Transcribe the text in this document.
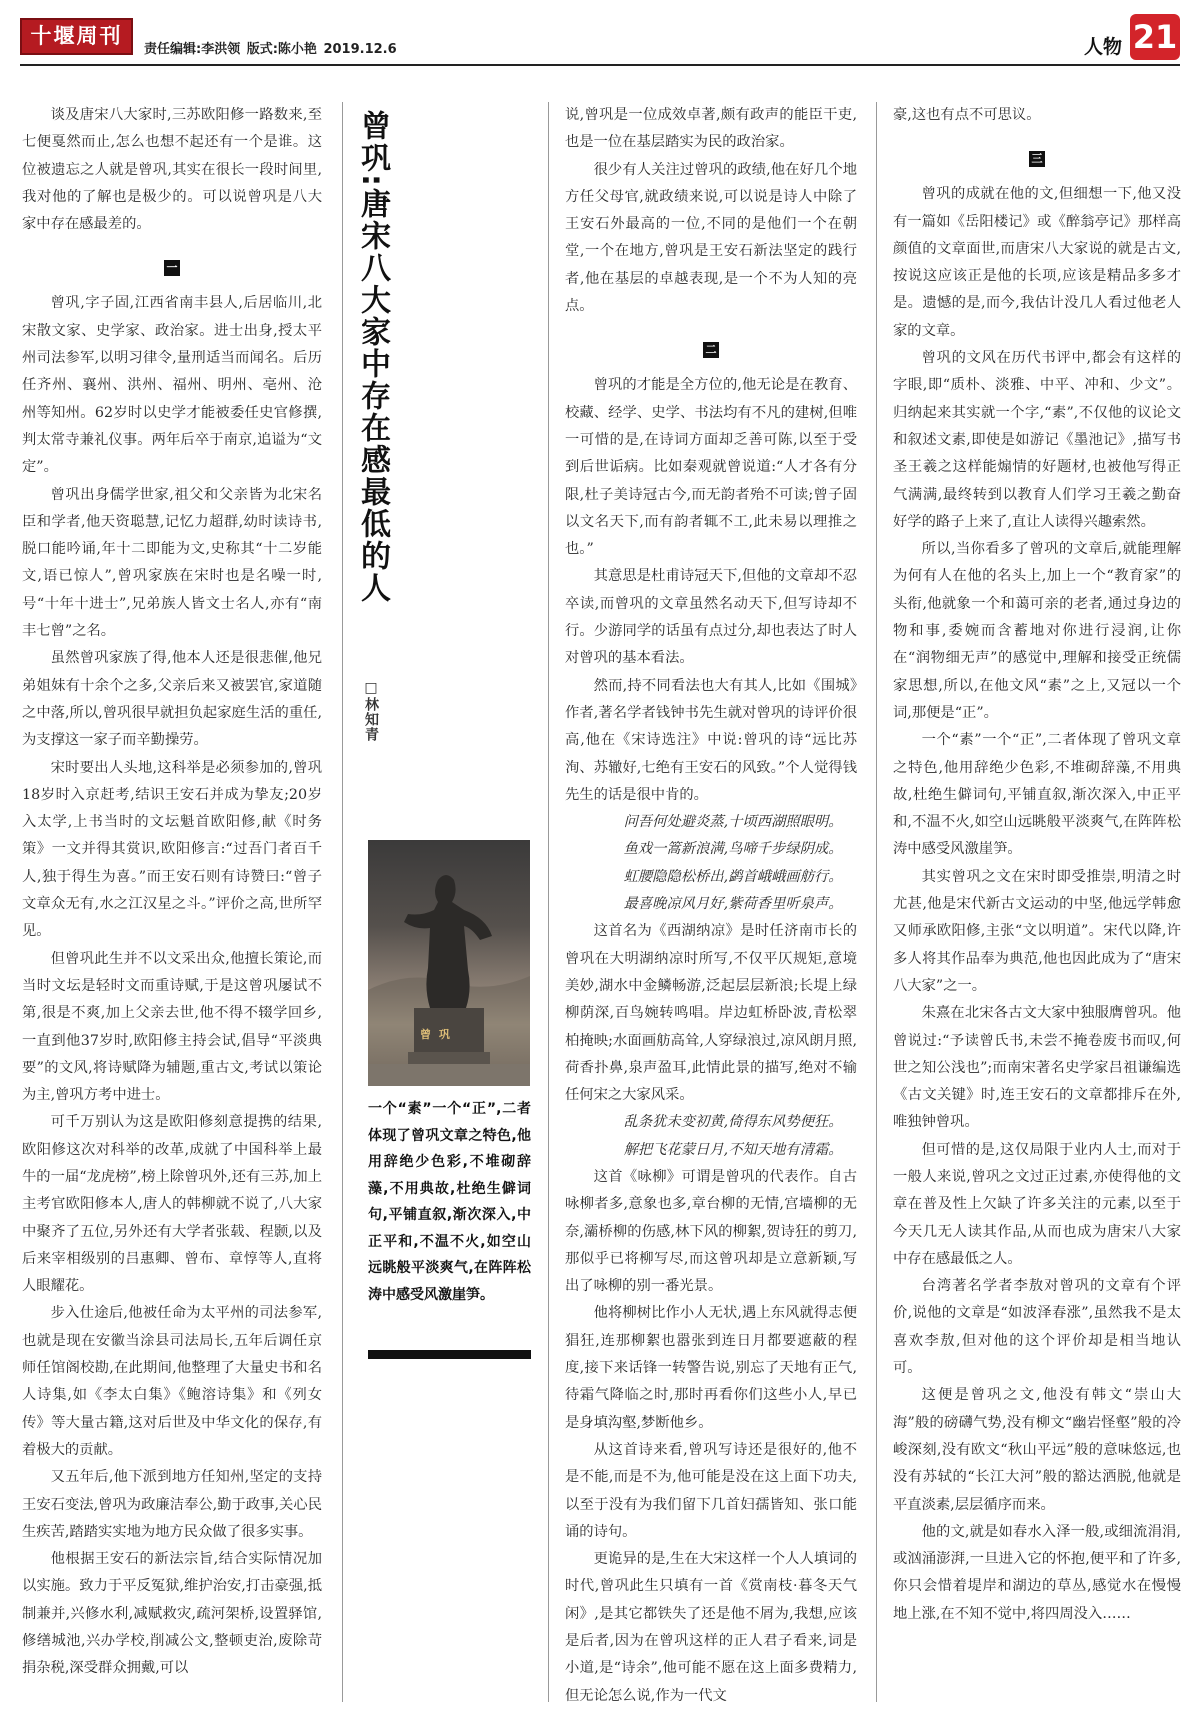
十堰周刊
责任编辑:李洪领 版式:陈小艳 2019.12.6	人物 21

谈及唐宋八大家时,三苏欧阳修一路数来,至七便戛然而止,怎么也想不起还有一个是谁。这位被遗忘之人就是曾巩,其实在很长一段时间里,我对他的了解也是极少的。可以说曾巩是八大家中存在感最差的。

一

曾巩,字子固,江西省南丰县人,后居临川,北宋散文家、史学家、政治家。进士出身,授太平州司法参军,以明习律令,量刑适当而闻名。后历任齐州、襄州、洪州、福州、明州、亳州、沧州等知州。62岁时以史学才能被委任史官修撰,判太常寺兼礼仪事。两年后卒于南京,追谥为“文定”。

曾巩出身儒学世家,祖父和父亲皆为北宋名臣和学者,他天资聪慧,记忆力超群,幼时读诗书,脱口能吟诵,年十二即能为文,史称其“十二岁能文,语已惊人”,曾巩家族在宋时也是名噪一时,号“十年十进士”,兄弟族人皆文士名人,亦有“南丰七曾”之名。

虽然曾巩家族了得,他本人还是很悲催,他兄弟姐妹有十余个之多,父亲后来又被罢官,家道随之中落,所以,曾巩很早就担负起家庭生活的重任,为支撑这一家子而辛勤操劳。

宋时要出人头地,这科举是必须参加的,曾巩18岁时入京赶考,结识王安石并成为挚友;20岁入太学,上书当时的文坛魁首欧阳修,献《时务策》一文并得其赏识,欧阳修言:“过吾门者百千人,独于得生为喜。”而王安石则有诗赞曰:“曾子文章众无有,水之江汉星之斗。”评价之高,世所罕见。

但曾巩此生并不以文采出众,他擅长策论,而当时文坛是轻时文而重诗赋,于是这曾巩屡试不第,很是不爽,加上父亲去世,他不得不辍学回乡,一直到他37岁时,欧阳修主持会试,倡导“平淡典要”的文风,将诗赋降为辅题,重古文,考试以策论为主,曾巩方考中进士。

可千万别认为这是欧阳修刻意提携的结果,欧阳修这次对科举的改革,成就了中国科举上最牛的一届“龙虎榜”,榜上除曾巩外,还有三苏,加上主考官欧阳修本人,唐人的韩柳就不说了,八大家中聚齐了五位,另外还有大学者张载、程颢,以及后来宰相级别的吕惠卿、曾布、章惇等人,直将人眼耀花。

步入仕途后,他被任命为太平州的司法参军,也就是现在安徽当涂县司法局长,五年后调任京师任馆阁校勘,在此期间,他整理了大量史书和名人诗集,如《李太白集》《鲍溶诗集》和《列女传》等大量古籍,这对后世及中华文化的保存,有着极大的贡献。

又五年后,他下派到地方任知州,坚定的支持王安石变法,曾巩为政廉洁奉公,勤于政事,关心民生疾苦,踏踏实实地为地方民众做了很多实事。

他根据王安石的新法宗旨,结合实际情况加以实施。致力于平反冤狱,维护治安,打击豪强,抵制兼并,兴修水利,减赋救灾,疏河架桥,设置驿馆,修缮城池,兴办学校,削减公文,整顿吏治,废除苛捐杂税,深受群众拥戴,可以

曾巩:唐宋八大家中存在感最低的人
□林知青
曾 巩
一个“素”一个“正”,二者体现了曾巩文章之特色,他用辞绝少色彩,不堆砌辞藻,不用典故,杜绝生僻词句,平铺直叙,渐次深入,中正平和,不温不火,如空山远眺般平淡爽气,在阵阵松涛中感受风激崖笋。

说,曾巩是一位成效卓著,颇有政声的能臣干吏,也是一位在基层踏实为民的政治家。

很少有人关注过曾巩的政绩,他在好几个地方任父母官,就政绩来说,可以说是诗人中除了王安石外最高的一位,不同的是他们一个在朝堂,一个在地方,曾巩是王安石新法坚定的践行者,他在基层的卓越表现,是一个不为人知的亮点。

二

曾巩的才能是全方位的,他无论是在教育、校藏、经学、史学、书法均有不凡的建树,但唯一可惜的是,在诗词方面却乏善可陈,以至于受到后世诟病。比如秦观就曾说道:“人才各有分限,杜子美诗冠古今,而无韵者殆不可读;曾子固以文名天下,而有韵者辄不工,此未易以理推之也。”

其意思是杜甫诗冠天下,但他的文章却不忍卒读,而曾巩的文章虽然名动天下,但写诗却不行。少游同学的话虽有点过分,却也表达了时人对曾巩的基本看法。

然而,持不同看法也大有其人,比如《围城》作者,著名学者钱钟书先生就对曾巩的诗评价很高,他在《宋诗选注》中说:曾巩的诗“远比苏洵、苏辙好,七绝有王安石的风致。”个人觉得钱先生的话是很中肯的。

问吾何处避炎蒸,十顷西湖照眼明。

鱼戏一篙新浪满,鸟啼千步绿阴成。

虹腰隐隐松桥出,鹢首峨峨画舫行。

最喜晚凉风月好,紫荷香里听泉声。

这首名为《西湖纳凉》是时任济南市长的曾巩在大明湖纳凉时所写,不仅平仄规矩,意境美妙,湖水中金鳞畅游,泛起层层新浪;长堤上绿柳荫深,百鸟婉转鸣唱。岸边虹桥卧波,青松翠柏掩映;水面画舫高耸,人穿绿浪过,凉风朗月照,荷香扑鼻,泉声盈耳,此情此景的描写,绝对不输任何宋之大家风采。

乱条犹未变初黄,倚得东风势便狂。

解把飞花蒙日月,不知天地有清霜。

这首《咏柳》可谓是曾巩的代表作。自古咏柳者多,意象也多,章台柳的无情,宫墙柳的无奈,灞桥柳的伤感,林下风的柳絮,贺诗狂的剪刀,那似乎已将柳写尽,而这曾巩却是立意新颖,写出了咏柳的别一番光景。

他将柳树比作小人无状,遇上东风就得志便猖狂,连那柳絮也嚣张到连日月都要遮蔽的程度,接下来话锋一转警告说,别忘了天地有正气,待霜气降临之时,那时再看你们这些小人,早已是身填沟壑,梦断他乡。

从这首诗来看,曾巩写诗还是很好的,他不是不能,而是不为,他可能是没在这上面下功夫,以至于没有为我们留下几首妇孺皆知、张口能诵的诗句。

更诡异的是,生在大宋这样一个人人填词的时代,曾巩此生只填有一首《赏南枝·暮冬天气闲》,是其它都铁失了还是他不屑为,我想,应该是后者,因为在曾巩这样的正人君子看来,词是小道,是“诗余”,他可能不愿在这上面多费精力,但无论怎么说,作为一代文

豪,这也有点不可思议。

三

曾巩的成就在他的文,但细想一下,他又没有一篇如《岳阳楼记》或《醉翁亭记》那样高颜值的文章面世,而唐宋八大家说的就是古文,按说这应该正是他的长项,应该是精品多多才是。遗憾的是,而今,我估计没几人看过他老人家的文章。

曾巩的文风在历代书评中,都会有这样的字眼,即“质朴、淡雅、中平、冲和、少文”。归纳起来其实就一个字,“素”,不仅他的议论文和叙述文素,即使是如游记《墨池记》,描写书圣王羲之这样能煽情的好题材,也被他写得正气满满,最终转到以教育人们学习王羲之勤奋好学的路子上来了,直让人读得兴趣索然。

所以,当你看多了曾巩的文章后,就能理解为何有人在他的名头上,加上一个“教育家”的头衔,他就象一个和蔼可亲的老者,通过身边的物和事,委婉而含蓄地对你进行浸润,让你在“润物细无声”的感觉中,理解和接受正统儒家思想,所以,在他文风“素”之上,又冠以一个词,那便是“正”。

一个“素”一个“正”,二者体现了曾巩文章之特色,他用辞绝少色彩,不堆砌辞藻,不用典故,杜绝生僻词句,平铺直叙,渐次深入,中正平和,不温不火,如空山远眺般平淡爽气,在阵阵松涛中感受风激崖笋。

其实曾巩之文在宋时即受推崇,明清之时尤甚,他是宋代新古文运动的中坚,他远学韩愈又师承欧阳修,主张“文以明道”。宋代以降,许多人将其作品奉为典范,他也因此成为了“唐宋八大家”之一。

朱熹在北宋各古文大家中独服膺曾巩。他曾说过:“予读曾氏书,未尝不掩卷废书而叹,何世之知公浅也”;而南宋著名史学家吕祖谦编选《古文关键》时,连王安石的文章都排斥在外,唯独钟曾巩。

但可惜的是,这仅局限于业内人士,而对于一般人来说,曾巩之文过正过素,亦使得他的文章在普及性上欠缺了许多关注的元素,以至于今天几无人读其作品,从而也成为唐宋八大家中存在感最低之人。

台湾著名学者李敖对曾巩的文章有个评价,说他的文章是“如波泽春涨”,虽然我不是太喜欢李敖,但对他的这个评价却是相当地认可。

这便是曾巩之文,他没有韩文“崇山大海”般的磅礴气势,没有柳文“幽岩怪壑”般的冷峻深刻,没有欧文“秋山平远”般的意味悠远,也没有苏轼的“长江大河”般的豁达洒脱,他就是平直淡素,层层循序而来。

他的文,就是如春水入泽一般,或细流涓涓,或汹涌澎湃,一旦进入它的怀抱,便平和了许多,你只会惜着堤岸和湖边的草丛,感觉水在慢慢地上涨,在不知不觉中,将四周没入……
